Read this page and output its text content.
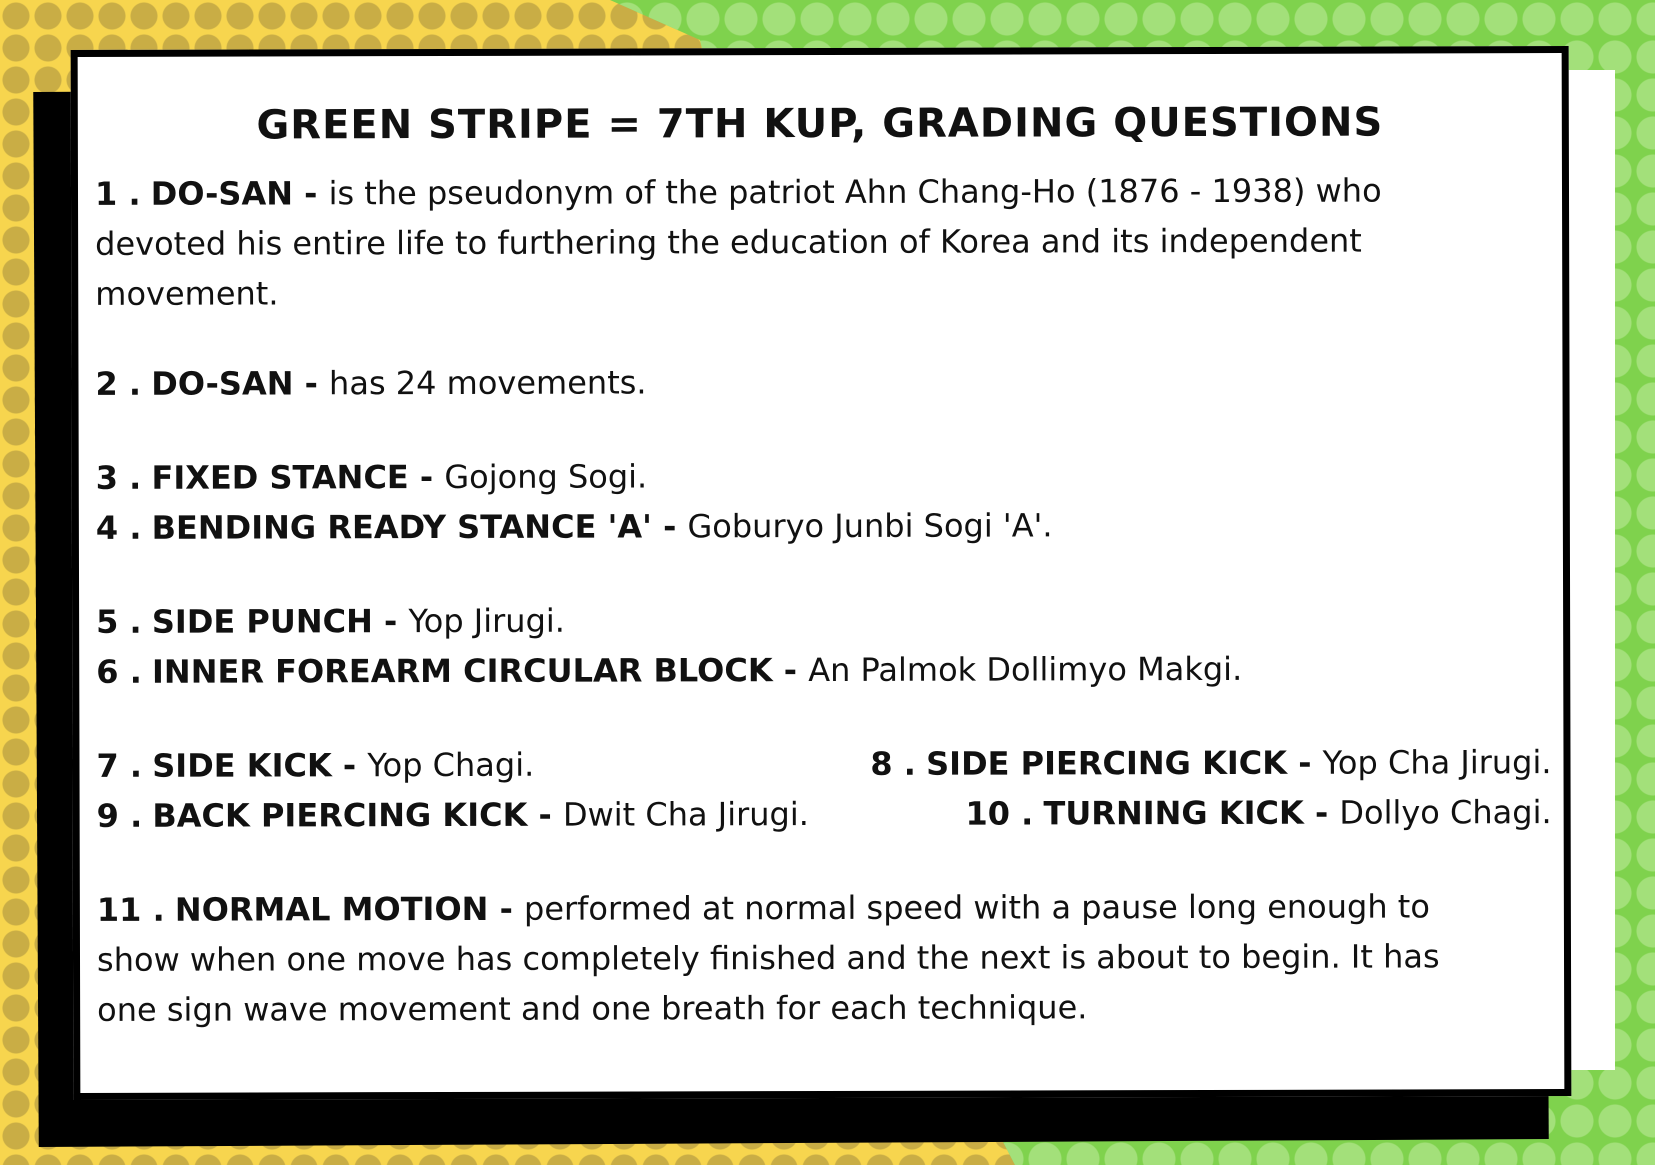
GREEN STRIPE = 7TH KUP, GRADING QUESTIONS
1 . DO-SAN - is the pseudonym of the patriot Ahn Chang-Ho (1876 - 1938) who devoted his entire life to furthering the education of Korea and its independent movement.
2 . DO-SAN - has 24 movements.
3 . FIXED STANCE - Gojong Sogi.
4 . BENDING READY STANCE 'A' - Goburyo Junbi Sogi 'A'.
5 . SIDE PUNCH - Yop Jirugi.
6 . INNER FOREARM CIRCULAR BLOCK - An Palmok Dollimyo Makgi.
7 . SIDE KICK - Yop Chagi.	8 . SIDE PIERCING KICK - Yop Cha Jirugi.
9 . BACK PIERCING KICK - Dwit Cha Jirugi.	10 . TURNING KICK - Dollyo Chagi.
11 . NORMAL MOTION - performed at normal speed with a pause long enough to show when one move has completely finished and the next is about to begin. It has one sign wave movement and one breath for each technique.
